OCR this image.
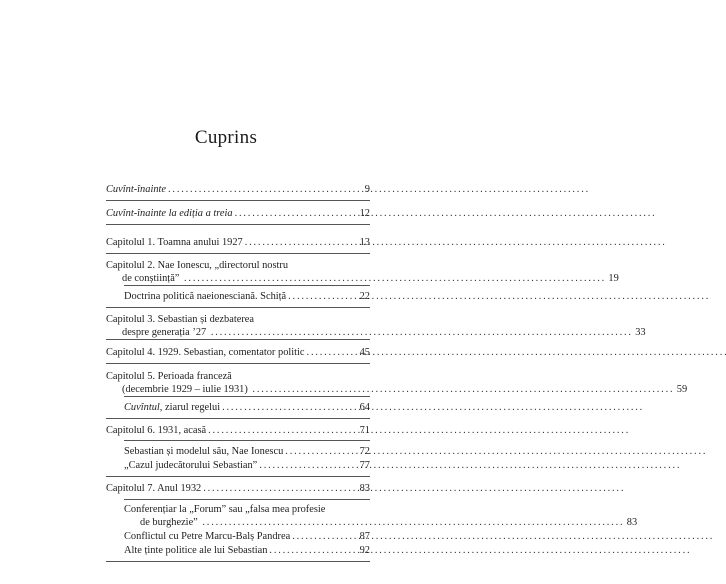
Cuprins
Cuvînt-înainte . . .	9
Cuvînt-înainte la ediția a treia . . .	12
Capitolul 1. Toamna anului 1927 . . .	13
Capitolul 2. Nae Ionescu, „directorul nostru
de conștiință” . . .	19
Doctrina politică naeionesciană. Schiță . . .	22
Capitolul 3. Sebastian și dezbaterea
despre generația ’27 . . .	33
Capitolul 4. 1929. Sebastian, comentator politic . . .	45
Capitolul 5. Perioada franceză
(decembrie 1929 – iulie 1931) . . .	59
Cuvîntul, ziarul regelui . . .	64
Capitolul 6. 1931, acasă . . .	71
Sebastian și modelul său, Nae Ionescu . . .	72
„Cazul judecătorului Sebastian” . . .	77
Capitolul 7. Anul 1932 . . .	83
Conferențiar la „Forum” sau „falsa mea profesie
de burghezie” . . .	83
Conflictul cu Petre Marcu-Balș Pandrea . . .	87
Alte ținte politice ale lui Sebastian . . .	92
